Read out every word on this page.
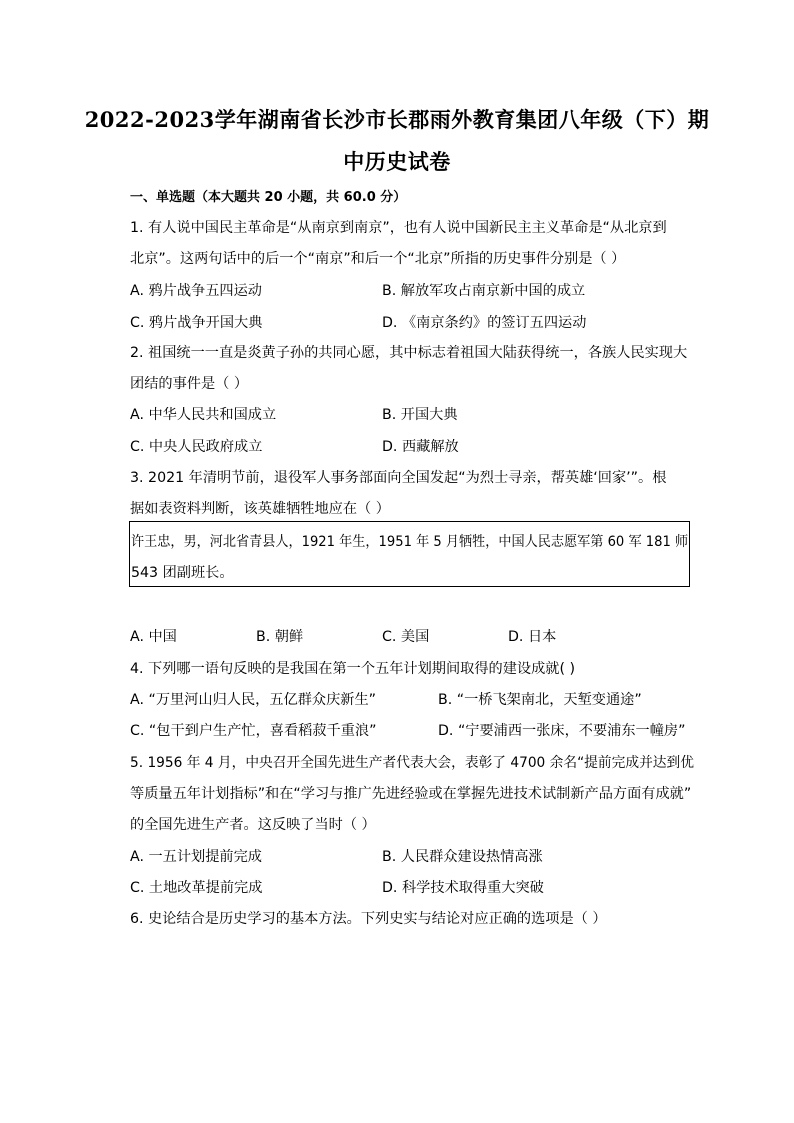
2022-2023学年湖南省长沙市长郡雨外教育集团八年级（下）期
中历史试卷
一、单选题（本大题共 20 小题，共 60.0 分）
1. 有人说中国民主革命是“从南京到南京”，也有人说中国新民主主义革命是“从北京到
北京”。这两句话中的后一个“南京”和后一个“北京”所指的历史事件分别是（ ）
A. 鸦片战争五四运动	B. 解放军攻占南京新中国的成立
C. 鸦片战争开国大典	D. 《南京条约》的签订五四运动
2. 祖国统一一直是炎黄子孙的共同心愿，其中标志着祖国大陆获得统一，各族人民实现大
团结的事件是（ ）
A. 中华人民共和国成立	B. 开国大典
C. 中央人民政府成立	D. 西藏解放
3. 2021 年清明节前，退役军人事务部面向全国发起“为烈士寻亲，帮英雄‘回家’”。根
据如表资料判断，该英雄牺牲地应在（ ）
许王忠，男，河北省青县人，1921 年生，1951 年 5 月牺牲，中国人民志愿军第 60 军 181 师
543 团副班长。
A. 中国	B. 朝鲜	C. 美国	D. 日本
4. 下列哪一语句反映的是我国在第一个五年计划期间取得的建设成就( )
A. “万里河山归人民，五亿群众庆新生”	B. “一桥飞架南北，天堑变通途”
C. “包干到户生产忙，喜看稻菽千重浪”	D. “宁要浦西一张床，不要浦东一幢房”
5. 1956 年 4 月，中央召开全国先进生产者代表大会，表彰了 4700 余名“提前完成并达到优
等质量五年计划指标”和在“学习与推广先进经验或在掌握先进技术试制新产品方面有成就”
的全国先进生产者。这反映了当时（ ）
A. 一五计划提前完成	B. 人民群众建设热情高涨
C. 土地改革提前完成	D. 科学技术取得重大突破
6. 史论结合是历史学习的基本方法。下列史实与结论对应正确的选项是（ ）
